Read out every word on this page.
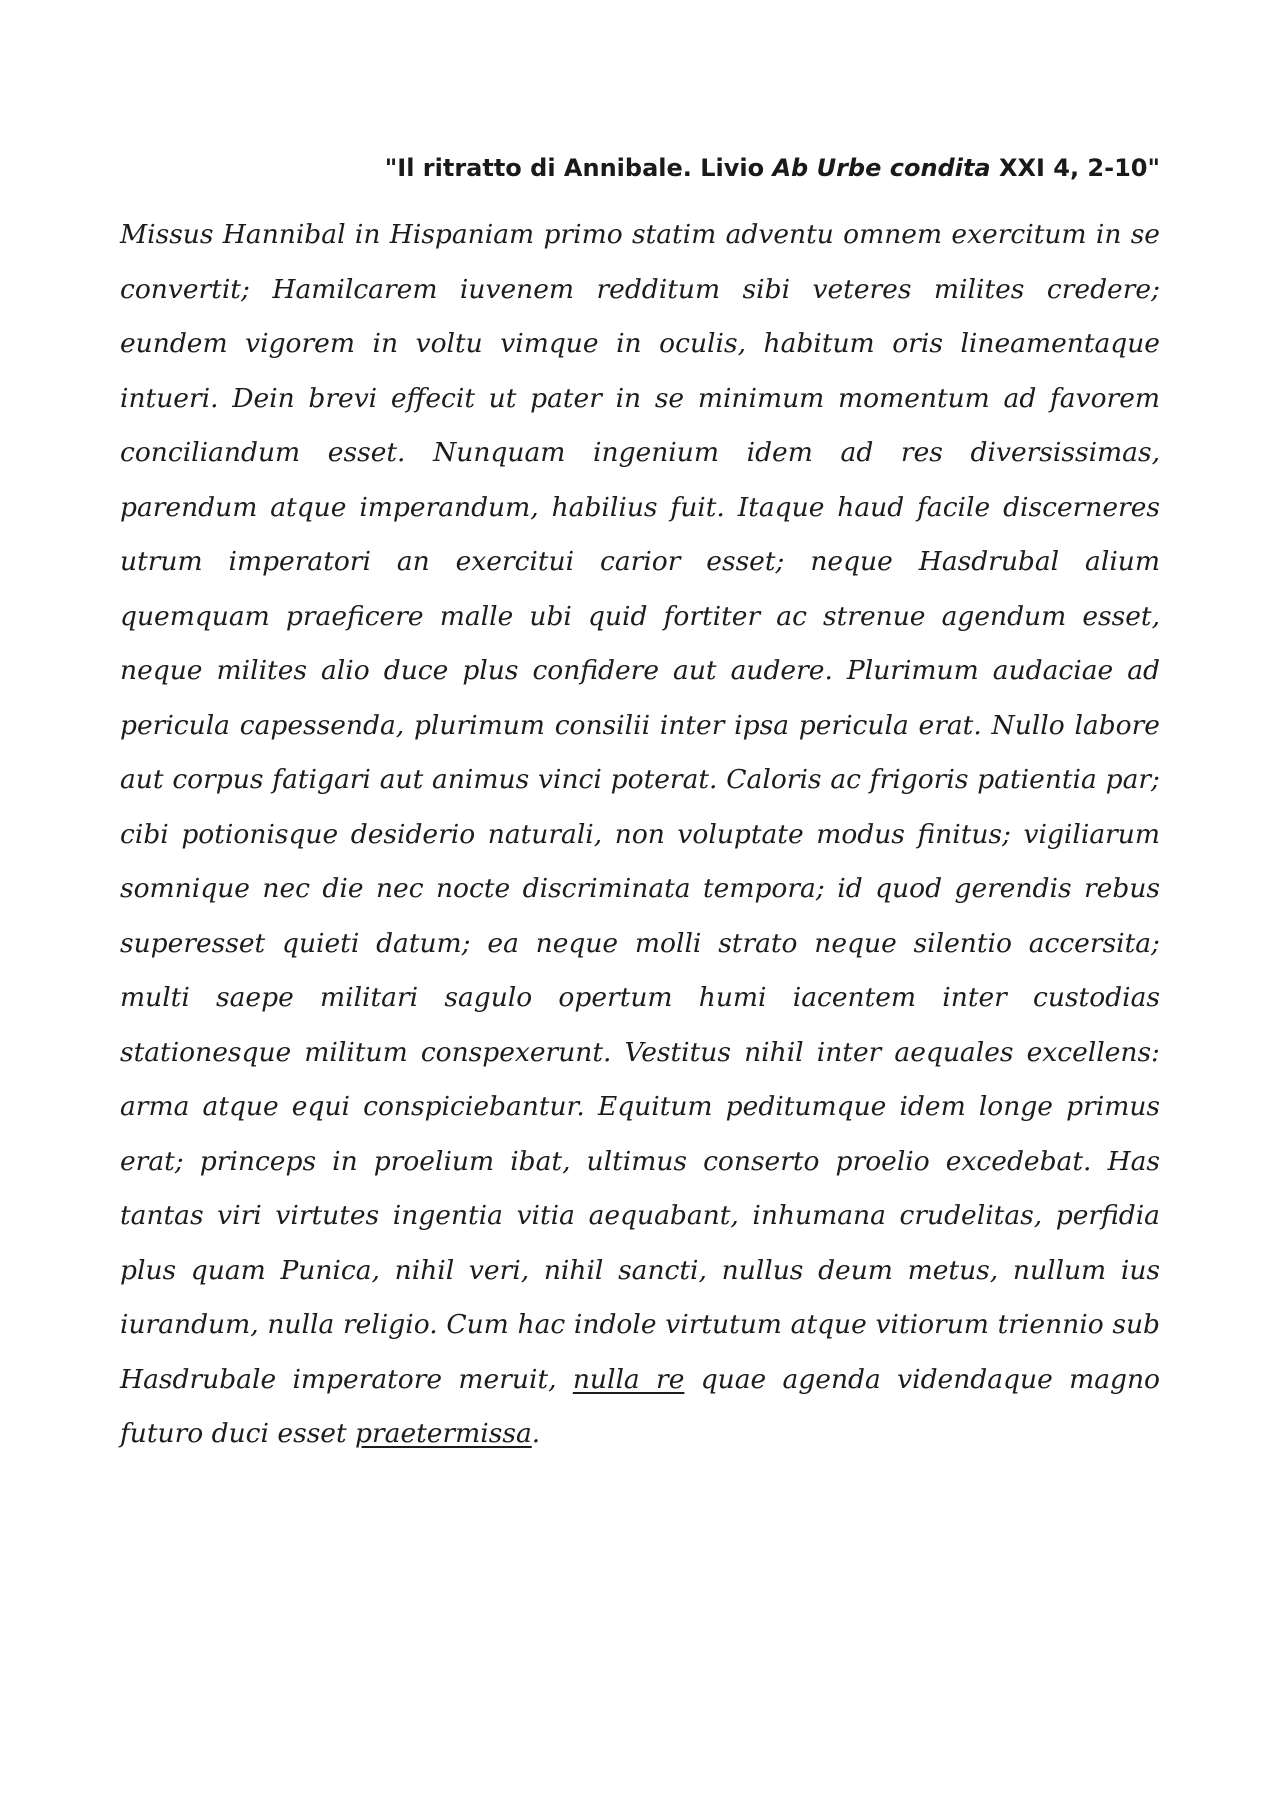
"Il ritratto di Annibale. Livio Ab Urbe condita XXI 4, 2-10"

Missus Hannibal in Hispaniam primo statim adventu omnem exercitum in se convertit; Hamilcarem iuvenem redditum sibi veteres milites credere; eundem vigorem in voltu vimque in oculis, habitum oris lineamentaque intueri. Dein brevi effecit ut pater in se minimum momentum ad favorem conciliandum esset. Nunquam ingenium idem ad res diversissimas, parendum atque imperandum, habilius fuit. Itaque haud facile discerneres utrum imperatori an exercitui carior esset; neque Hasdrubal alium quemquam praeficere malle ubi quid fortiter ac strenue agendum esset, neque milites alio duce plus confidere aut audere. Plurimum audaciae ad pericula capessenda, plurimum consilii inter ipsa pericula erat. Nullo labore aut corpus fatigari aut animus vinci poterat. Caloris ac frigoris patientia par; cibi potionisque desiderio naturali, non voluptate modus finitus; vigiliarum somnique nec die nec nocte discriminata tempora; id quod gerendis rebus superesset quieti datum; ea neque molli strato neque silentio accersita; multi saepe militari sagulo opertum humi iacentem inter custodias stationesque militum conspexerunt. Vestitus nihil inter aequales excellens: arma atque equi conspiciebantur. Equitum peditumque idem longe primus erat; princeps in proelium ibat, ultimus conserto proelio excedebat. Has tantas viri virtutes ingentia vitia aequabant, inhumana crudelitas, perfidia plus quam Punica, nihil veri, nihil sancti, nullus deum metus, nullum ius iurandum, nulla religio. Cum hac indole virtutum atque vitiorum triennio sub Hasdrubale imperatore meruit, nulla re quae agenda videndaque magno futuro duci esset praetermissa.
